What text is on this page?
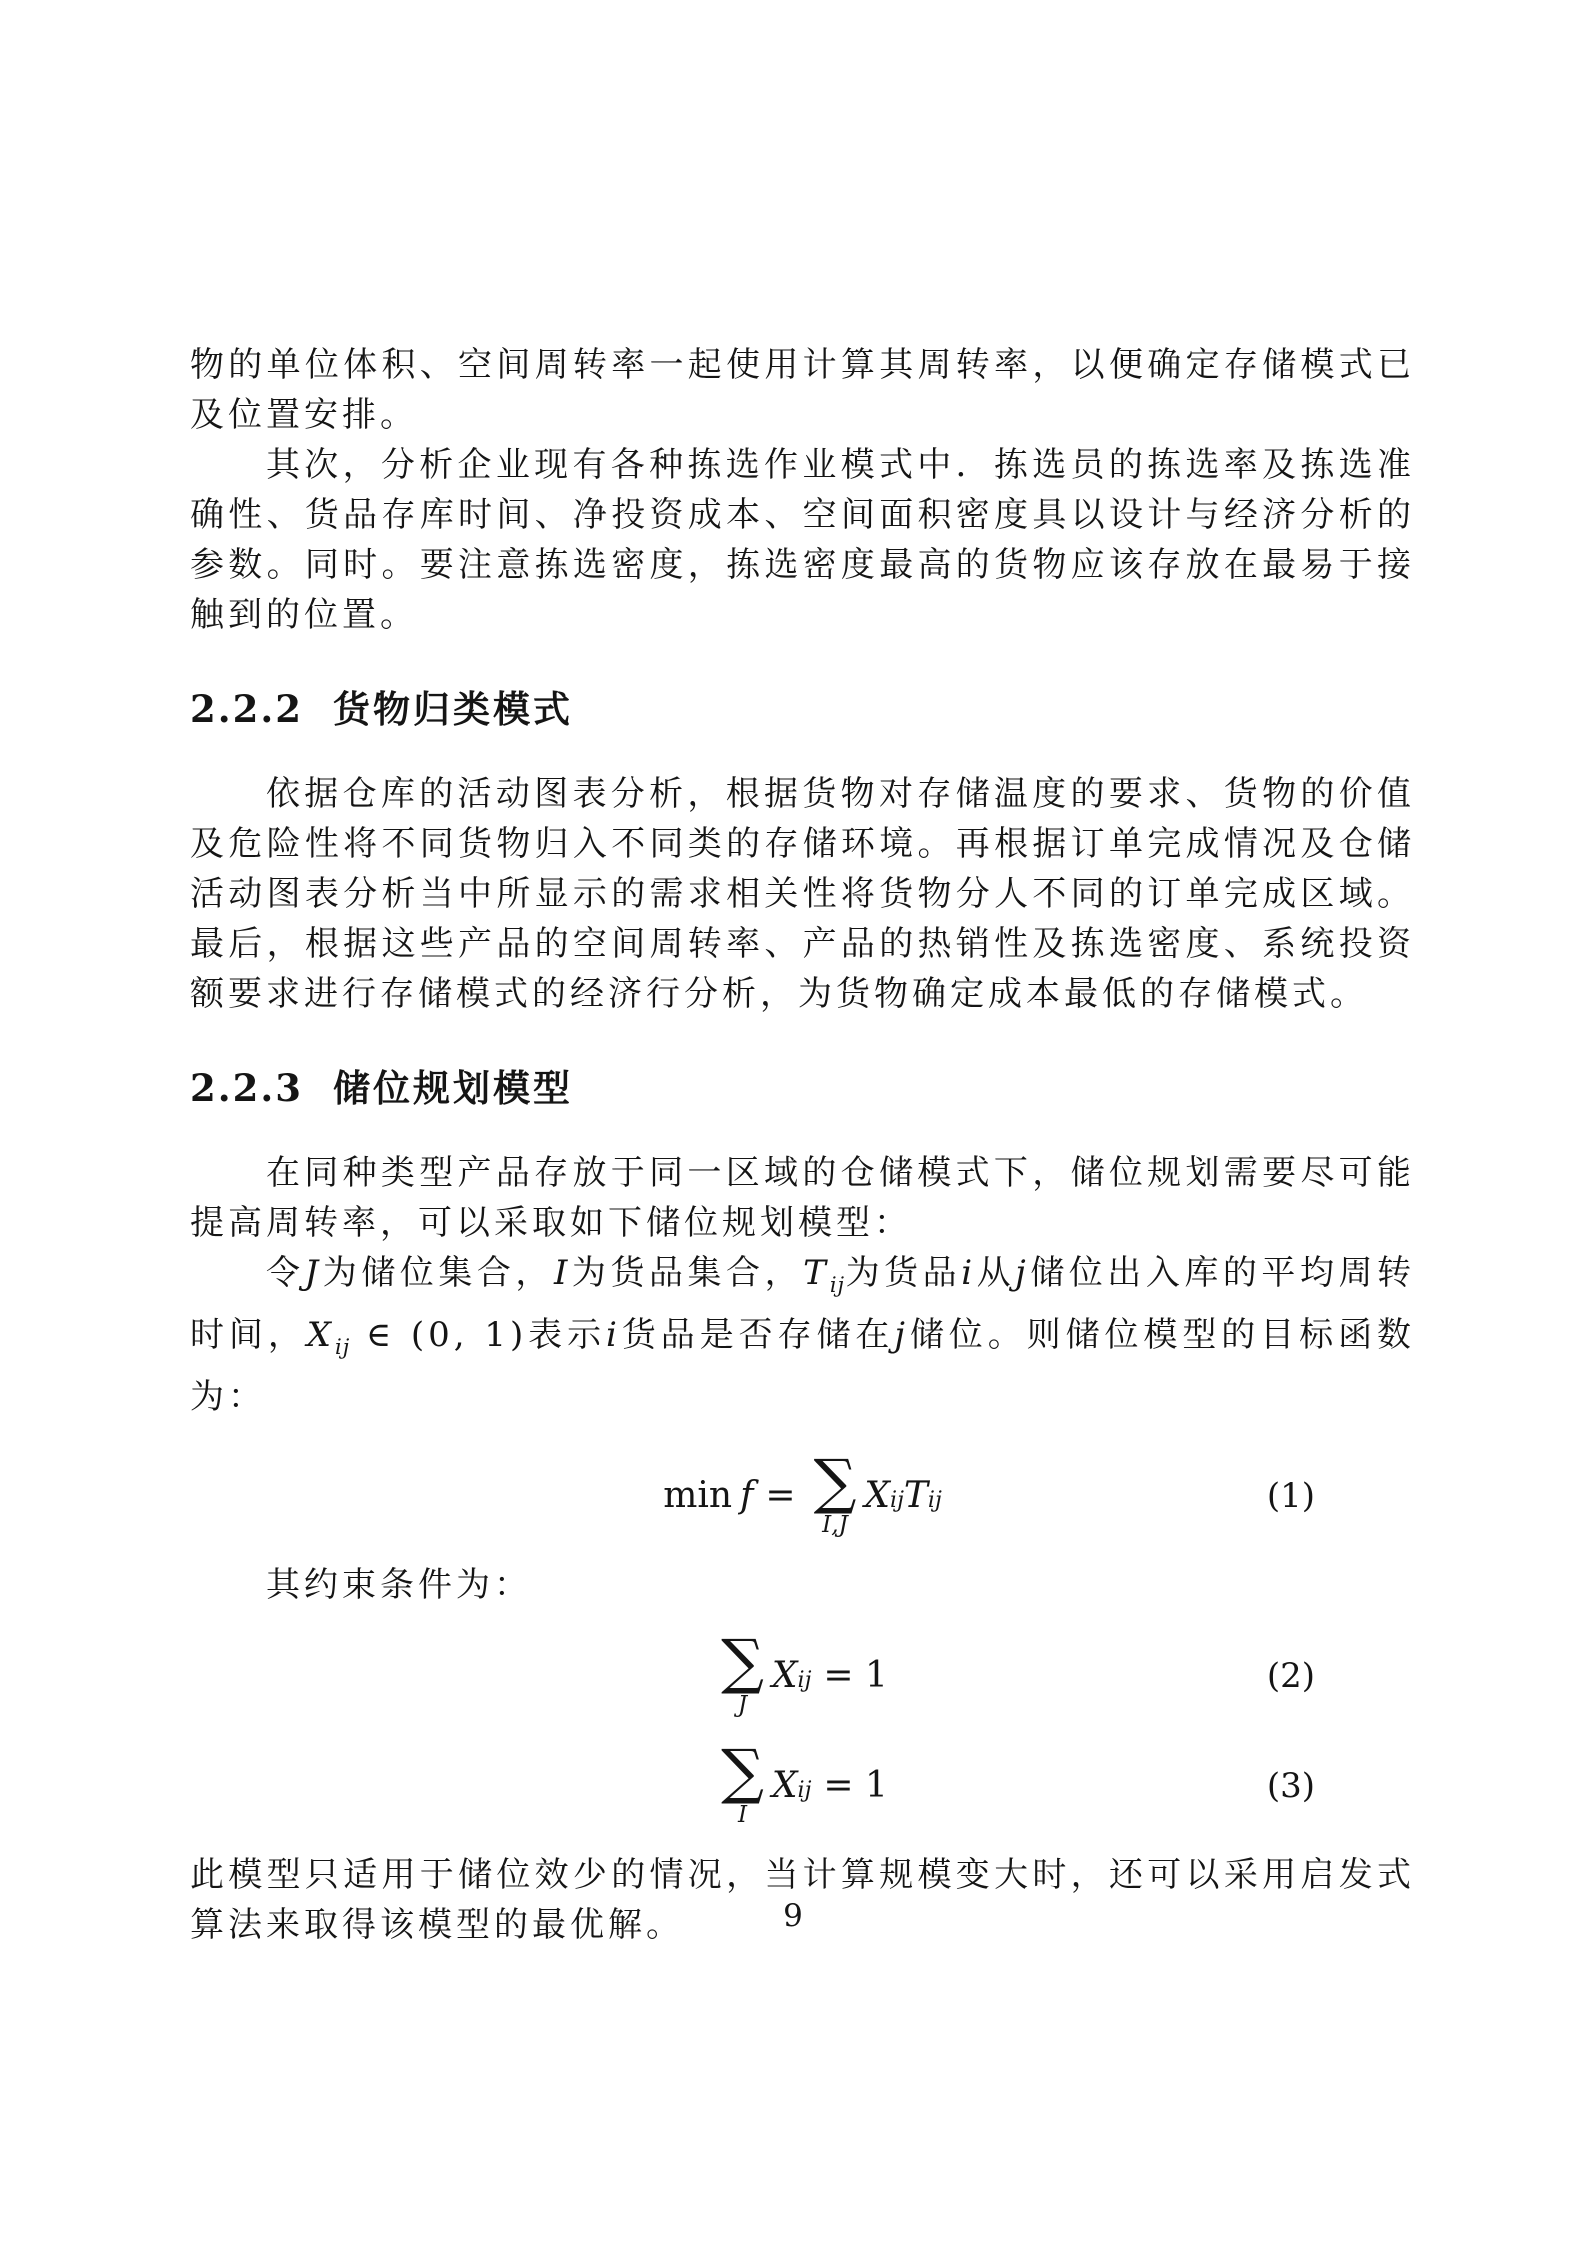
物的单位体积、空间周转率一起使用计算其周转率，以便确定存储模式已及位置安排。

其次，分析企业现有各种拣选作业模式中．拣选员的拣选率及拣选准确性、货品存库时间、净投资成本、空间面积密度具以设计与经济分析的参数。同时。要注意拣选密度，拣选密度最高的货物应该存放在最易于接触到的位置。

2.2.2 货物归类模式

依据仓库的活动图表分析，根据货物对存储温度的要求、货物的价值及危险性将不同货物归入不同类的存储环境。再根据订单完成情况及仓储活动图表分析当中所显示的需求相关性将货物分人不同的订单完成区域。最后，根据这些产品的空间周转率、产品的热销性及拣选密度、系统投资额要求进行存储模式的经济行分析，为货物确定成本最低的存储模式。

2.2.3 储位规划模型

在同种类型产品存放于同一区域的仓储模式下，储位规划需要尽可能提高周转率，可以采取如下储位规划模型：

令J为储位集合，I为货品集合，$T_{ij}$为货品i从j储位出入库的平均周转时间，$X_{ij}$ ∈ (0, 1)表示i货品是否存储在j储位。则储位模型的目标函数为：

min f = ∑
I,J
X ij T ij	(1)

其约束条件为：

∑
J
X ij = 1	(2)
∑
I
X ij = 1	(3)

此模型只适用于储位效少的情况，当计算规模变大时，还可以采用启发式算法来取得该模型的最优解。	9
